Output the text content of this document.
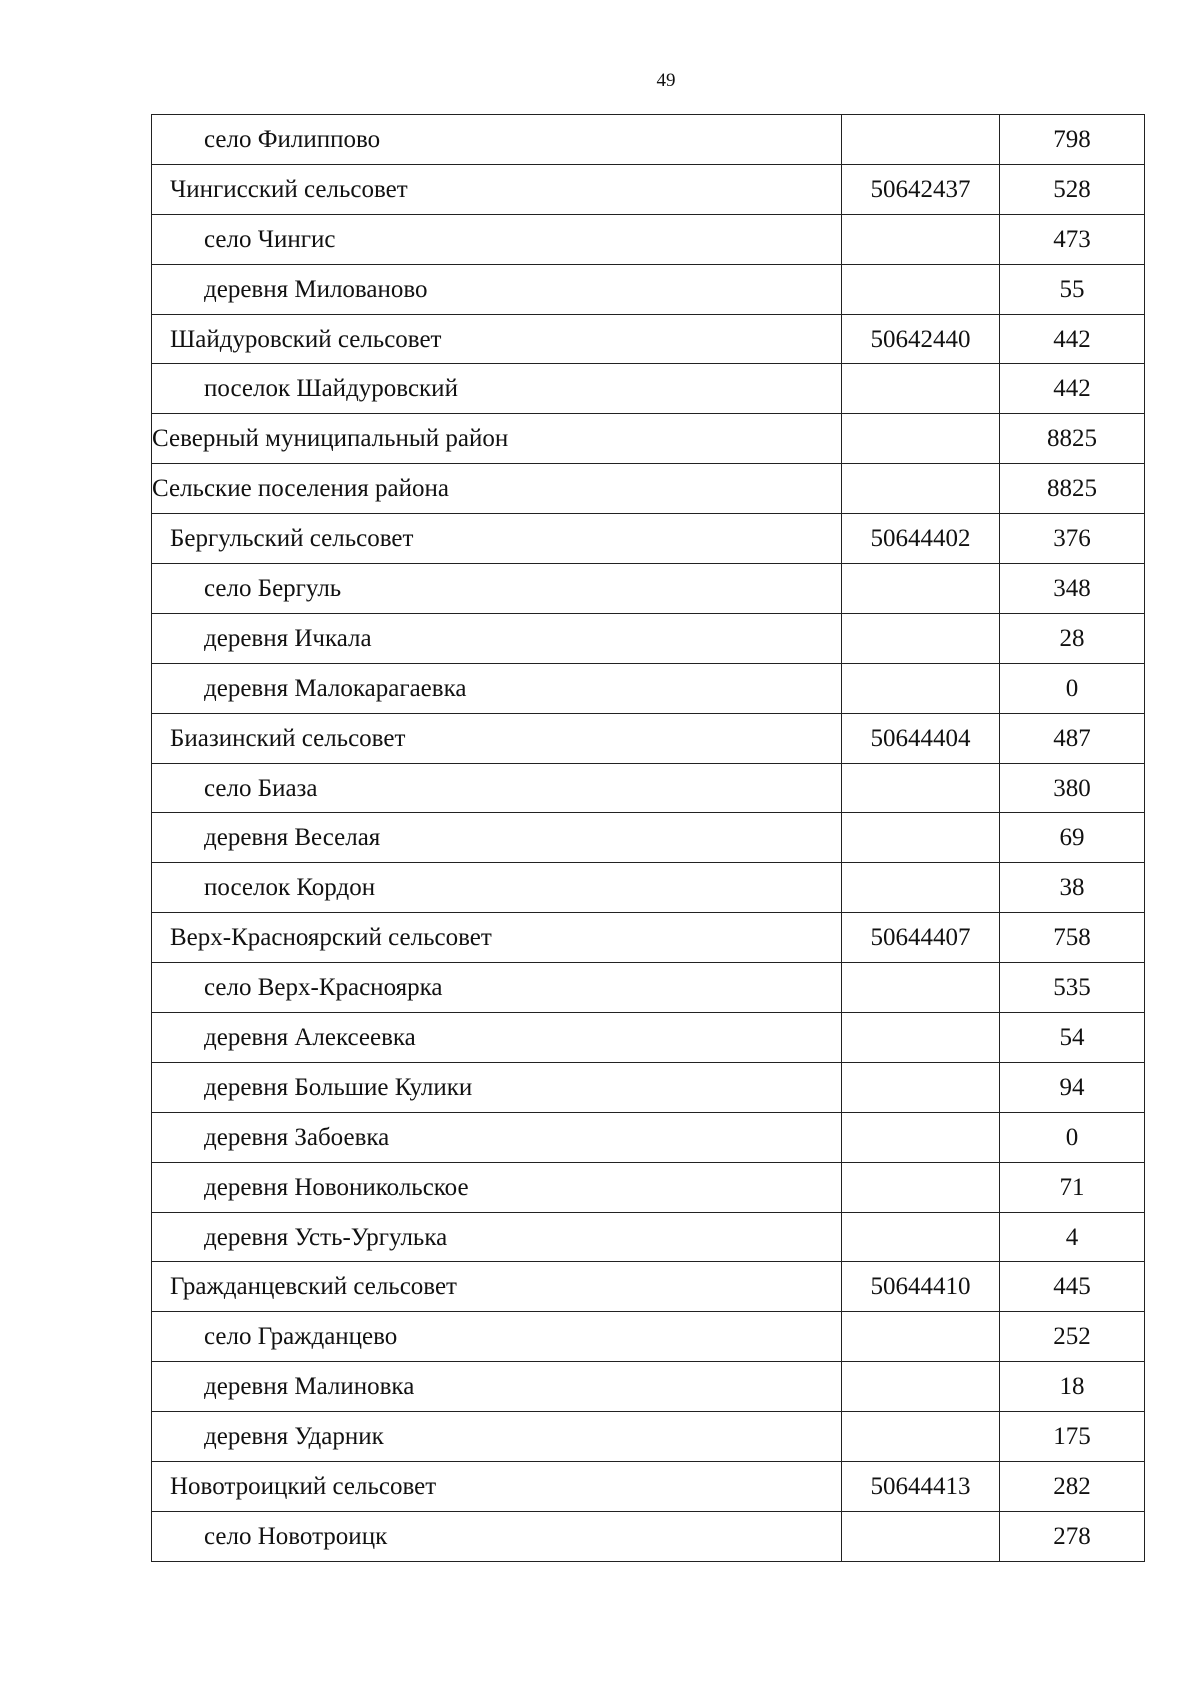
49
село Филиппово		798
Чингисский сельсовет	50642437	528
село Чингис		473
деревня Милованово		55
Шайдуровский сельсовет	50642440	442
поселок Шайдуровский		442
Северный муниципальный район		8825
Сельские поселения района		8825
Бергульский сельсовет	50644402	376
село Бергуль		348
деревня Ичкала		28
деревня Малокарагаевка		0
Биазинский сельсовет	50644404	487
село Биаза		380
деревня Веселая		69
поселок Кордон		38
Верх-Красноярский сельсовет	50644407	758
село Верх-Красноярка		535
деревня Алексеевка		54
деревня Большие Кулики		94
деревня Забоевка		0
деревня Новоникольское		71
деревня Усть-Ургулька		4
Гражданцевский сельсовет	50644410	445
село Гражданцево		252
деревня Малиновка		18
деревня Ударник		175
Новотроицкий сельсовет	50644413	282
село Новотроицк		278
